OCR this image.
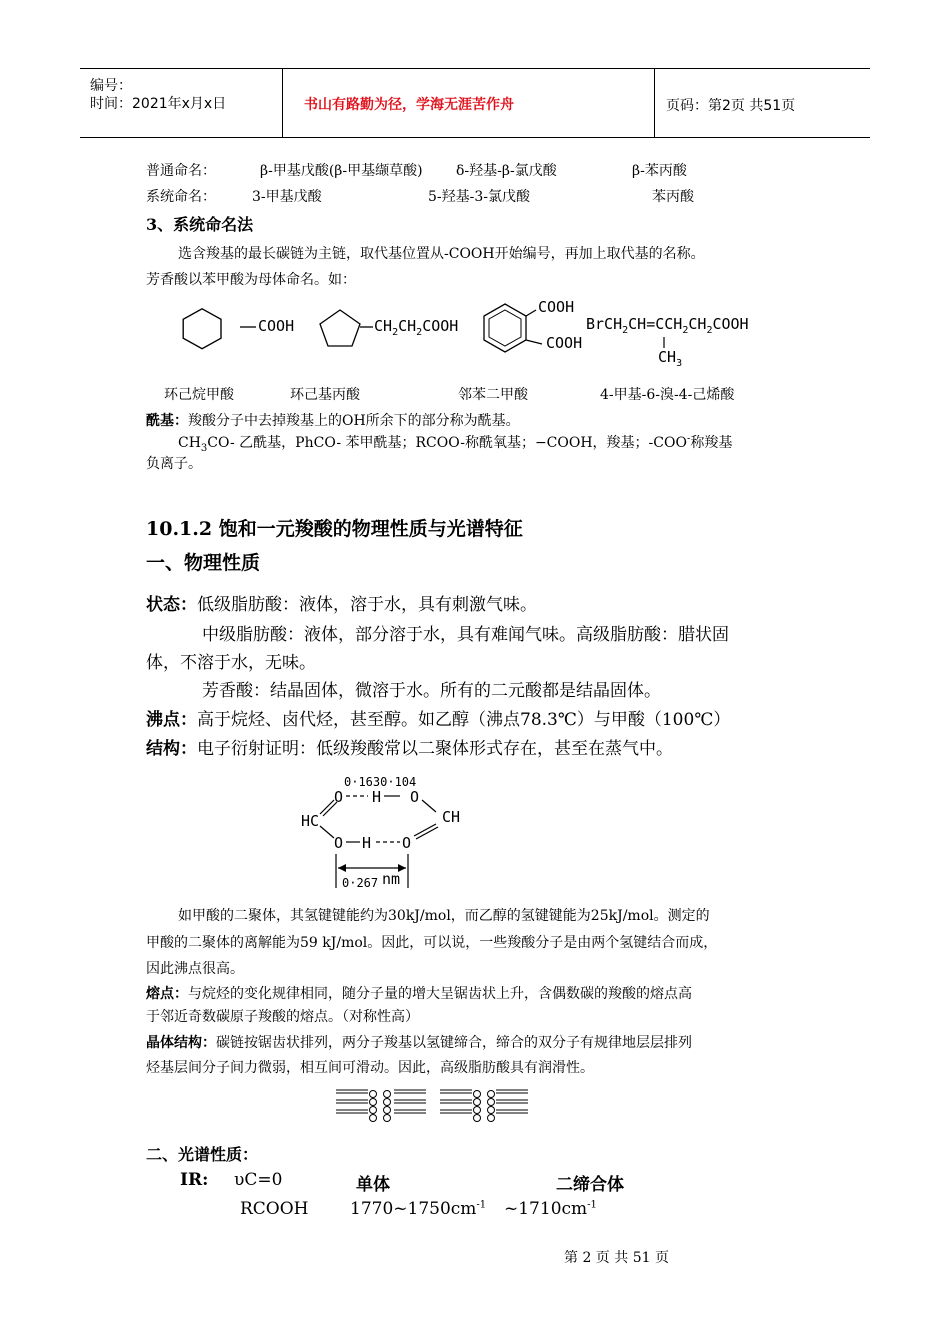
编号：
时间：2021年x月x日	书山有路勤为径，学海无涯苦作舟	页码：第2页 共51页
普通命名：	β-甲基戊酸(β-甲基缬草酸) δ-羟基-β-氯戊酸	β-苯丙酸
系统命名：	3-甲基戊酸	5-羟基-3-氯戊酸	苯丙酸
3、系统命名法
选含羧基的最长碳链为主链，取代基位置从-COOH开始编号，再加上取代基的名称。
芳香酸以苯甲酸为母体命名。如：
COOH	$CH_2CH_2COOH$
COOH
COOH
$BrCH_2CH=CCH_2CH_2COOH$
$CH_3$
环己烷甲酸	环己基丙酸	邻苯二甲酸	4-甲基-6-溴-4-己烯酸
酰基：羧酸分子中去掉羧基上的OH所余下的部分称为酰基。
$CH_3CO-$ 乙酰基，PhCO- 苯甲酰基；RCOO-称酰氧基；−COOH，羧基；-COO-称羧基
负离子。
10.1.2 饱和一元羧酸的物理性质与光谱特征
一、物理性质
状态：低级脂肪酸：液体，溶于水，具有刺激气味。
中级脂肪酸：液体，部分溶于水，具有难闻气味。高级脂肪酸：腊状固
体，不溶于水，无味。
芳香酸：结晶固体，微溶于水。所有的二元酸都是结晶固体。
沸点：高于烷烃、卤代烃，甚至醇。如乙醇（沸点78.3℃）与甲酸（100℃）
结构：电子衍射证明：低级羧酸常以二聚体形式存在，甚至在蒸气中。
0·1630·104
O H O
HC	CH
O H O
0·267 nm
如甲酸的二聚体，其氢键键能约为30kJ/mol，而乙醇的氢键键能为25kJ/mol。测定的
甲酸的二聚体的离解能为59 kJ/mol。因此，可以说，一些羧酸分子是由两个氢键结合而成，
因此沸点很高。
熔点：与烷烃的变化规律相同，随分子量的增大呈锯齿状上升，含偶数碳的羧酸的熔点高
于邻近奇数碳原子羧酸的熔点。（对称性高）
晶体结构：碳链按锯齿状排列，两分子羧基以氢键缔合，缔合的双分子有规律地层层排列
烃基层间分子间力微弱，相互间可滑动。因此，高级脂肪酸具有润滑性。
二、光谱性质：
IR: υC=0	单体	二缔合体
RCOOH $1770\sim 1750cm^{-1}$ $\sim 1710cm^{-1}$
第 2 页 共 51 页
